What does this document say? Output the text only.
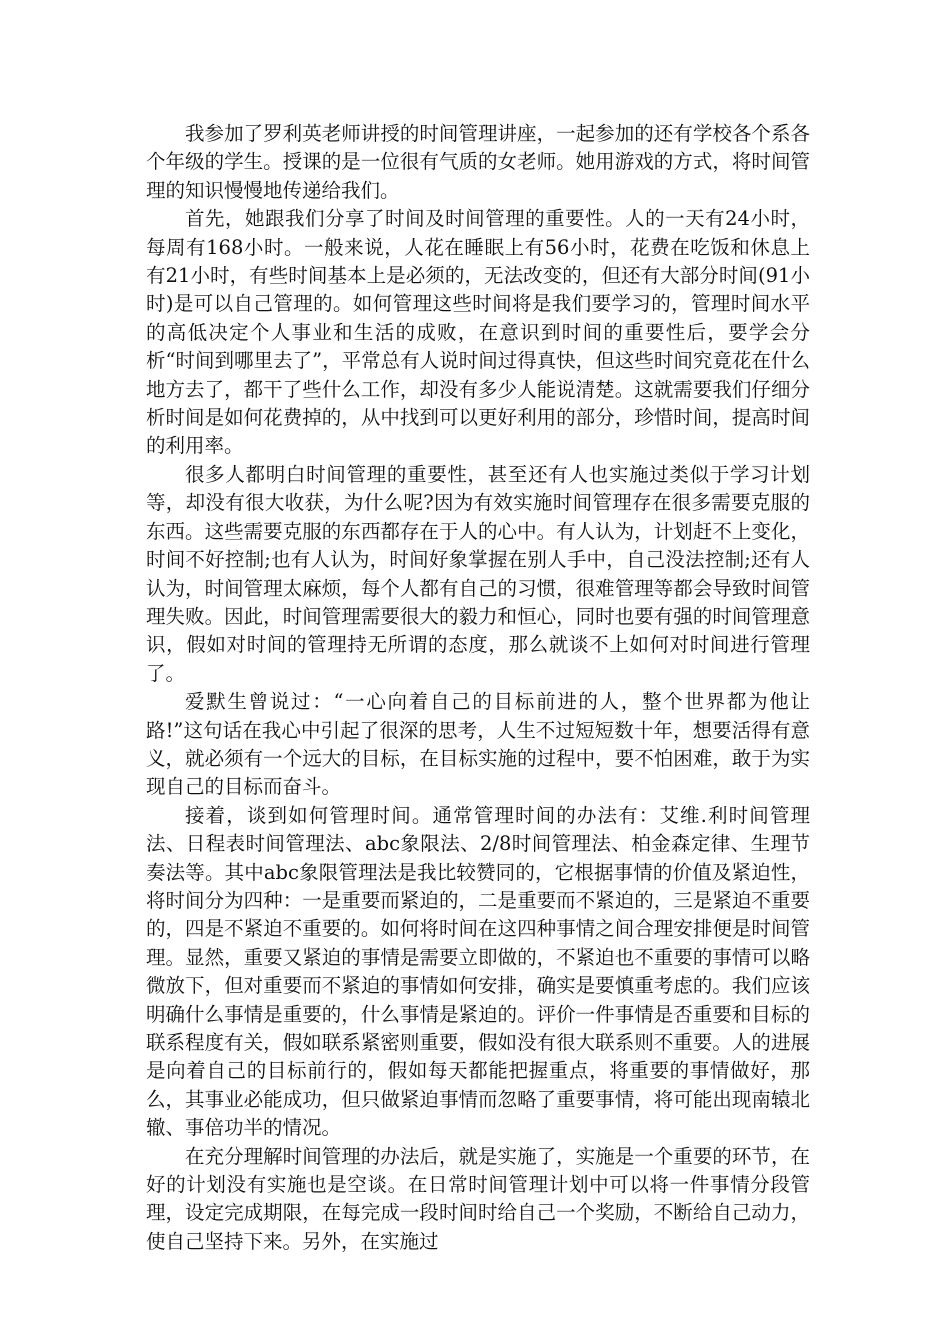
我参加了罗利英老师讲授的时间管理讲座，一起参加的还有学校各个系各个年级的学生。授课的是一位很有气质的女老师。她用游戏的方式，将时间管理的知识慢慢地传递给我们。

首先，她跟我们分享了时间及时间管理的重要性。人的一天有24小时，每周有168小时。一般来说，人花在睡眠上有56小时，花费在吃饭和休息上有21小时，有些时间基本上是必须的，无法改变的，但还有大部分时间(91小时)是可以自己管理的。如何管理这些时间将是我们要学习的，管理时间水平的高低决定个人事业和生活的成败，在意识到时间的重要性后，要学会分析“时间到哪里去了”，平常总有人说时间过得真快，但这些时间究竟花在什么地方去了，都干了些什么工作，却没有多少人能说清楚。这就需要我们仔细分析时间是如何花费掉的，从中找到可以更好利用的部分，珍惜时间，提高时间的利用率。

很多人都明白时间管理的重要性，甚至还有人也实施过类似于学习计划等，却没有很大收获，为什么呢?因为有效实施时间管理存在很多需要克服的东西。这些需要克服的东西都存在于人的心中。有人认为，计划赶不上变化，时间不好控制;也有人认为，时间好象掌握在别人手中，自己没法控制;还有人认为，时间管理太麻烦，每个人都有自己的习惯，很难管理等都会导致时间管理失败。因此，时间管理需要很大的毅力和恒心，同时也要有强的时间管理意识，假如对时间的管理持无所谓的态度，那么就谈不上如何对时间进行管理了。

爱默生曾说过：“一心向着自己的目标前进的人，整个世界都为他让路!”这句话在我心中引起了很深的思考，人生不过短短数十年，想要活得有意义，就必须有一个远大的目标，在目标实施的过程中，要不怕困难，敢于为实现自己的目标而奋斗。

接着，谈到如何管理时间。通常管理时间的办法有：艾维.利时间管理法、日程表时间管理法、abc象限法、2/8时间管理法、柏金森定律、生理节奏法等。其中abc象限管理法是我比较赞同的，它根据事情的价值及紧迫性，将时间分为四种：一是重要而紧迫的，二是重要而不紧迫的，三是紧迫不重要的，四是不紧迫不重要的。如何将时间在这四种事情之间合理安排便是时间管理。显然，重要又紧迫的事情是需要立即做的，不紧迫也不重要的事情可以略微放下，但对重要而不紧迫的事情如何安排，确实是要慎重考虑的。我们应该明确什么事情是重要的，什么事情是紧迫的。评价一件事情是否重要和目标的联系程度有关，假如联系紧密则重要，假如没有很大联系则不重要。人的进展是向着自己的目标前行的，假如每天都能把握重点，将重要的事情做好，那么，其事业必能成功，但只做紧迫事情而忽略了重要事情，将可能出现南辕北辙、事倍功半的情况。

在充分理解时间管理的办法后，就是实施了，实施是一个重要的环节，在好的计划没有实施也是空谈。在日常时间管理计划中可以将一件事情分段管理，设定完成期限，在每完成一段时间时给自己一个奖励，不断给自己动力，使自己坚持下来。另外，在实施过
